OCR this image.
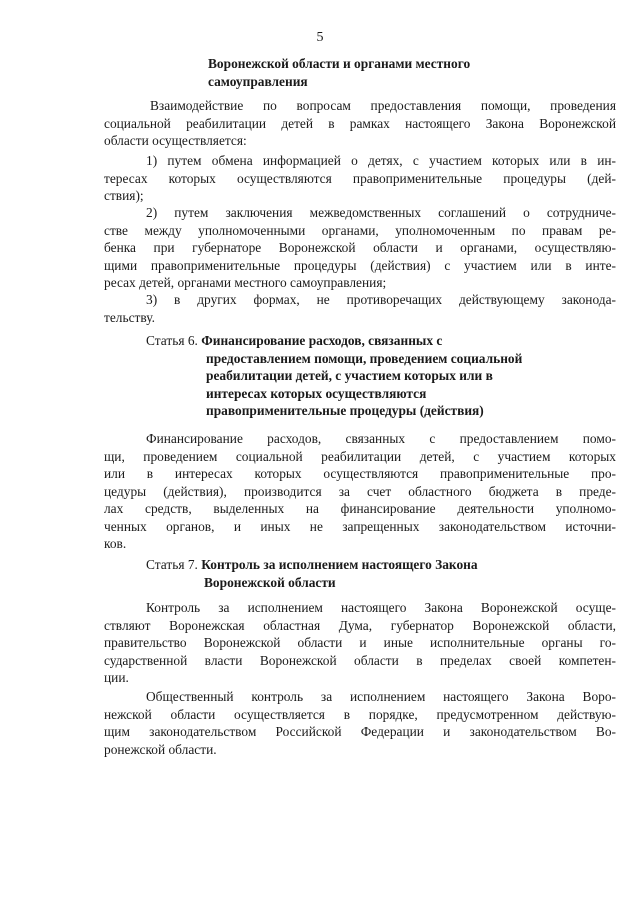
5
Воронежской области и органами местного
самоуправления
Взаимодействие по вопросам предоставления помощи, проведения
социальной реабилитации детей в рамках настоящего Закона Воронежской
области осуществляется:
1) путем обмена информацией о детях, с участием которых или в ин-
тересах которых осуществляются правоприменительные процедуры (дей-
ствия);
2) путем заключения межведомственных соглашений о сотрудниче-
стве между уполномоченными органами, уполномоченным по правам ре-
бенка при губернаторе Воронежской области и органами, осуществляю-
щими правоприменительные процедуры (действия) с участием или в инте-
ресах детей, органами местного самоуправления;
3) в других формах, не противоречащих действующему законода-
тельству.
Статья 6. Финансирование расходов, связанных с
предоставлением помощи, проведением социальной
реабилитации детей, с участием которых или в
интересах которых осуществляются
правоприменительные процедуры (действия)
Финансирование расходов, связанных с предоставлением помо-
щи, проведением социальной реабилитации детей, с участием которых
или в интересах которых осуществляются правоприменительные про-
цедуры (действия), производится за счет областного бюджета в преде-
лах средств, выделенных на финансирование деятельности уполномо-
ченных органов, и иных не запрещенных законодательством источни-
ков.
Статья 7. Контроль за исполнением настоящего Закона
Воронежской области
Контроль за исполнением настоящего Закона Воронежской осуще-
ствляют Воронежская областная Дума, губернатор Воронежской области,
правительство Воронежской области и иные исполнительные органы го-
сударственной власти Воронежской области в пределах своей компетен-
ции.
Общественный контроль за исполнением настоящего Закона Воро-
нежской области осуществляется в порядке, предусмотренном действую-
щим законодательством Российской Федерации и законодательством Во-
ронежской области.
